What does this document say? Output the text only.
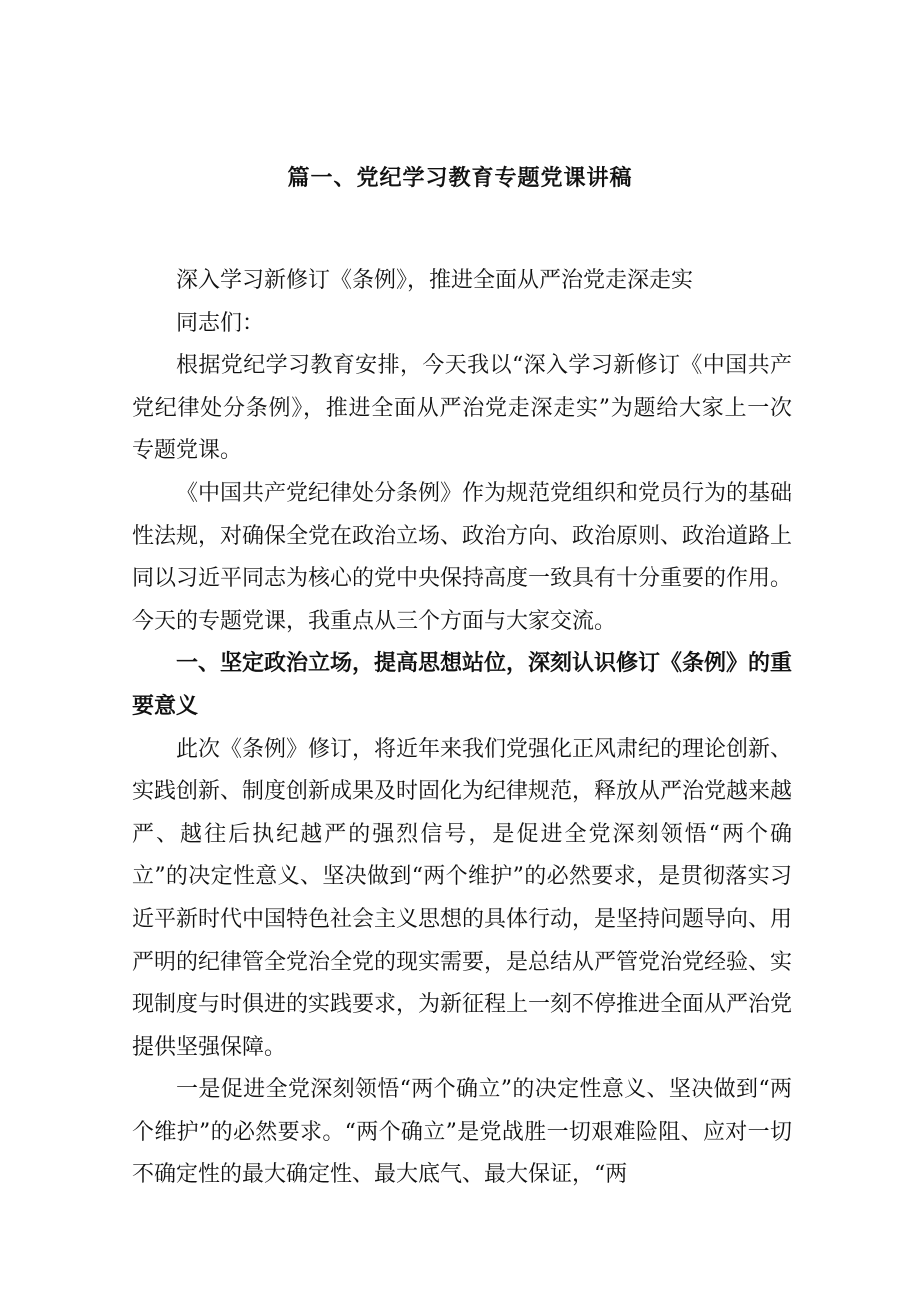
篇一、党纪学习教育专题党课讲稿

深入学习新修订《条例》，推进全面从严治党走深走实

同志们：

根据党纪学习教育安排，今天我以“深入学习新修订《中国共产党纪律处分条例》，推进全面从严治党走深走实”为题给大家上一次专题党课。

《中国共产党纪律处分条例》作为规范党组织和党员行为的基础性法规，对确保全党在政治立场、政治方向、政治原则、政治道路上同以习近平同志为核心的党中央保持高度一致具有十分重要的作用。今天的专题党课，我重点从三个方面与大家交流。

一、坚定政治立场，提高思想站位，深刻认识修订《条例》的重要意义

此次《条例》修订，将近年来我们党强化正风肃纪的理论创新、实践创新、制度创新成果及时固化为纪律规范，释放从严治党越来越严、越往后执纪越严的强烈信号，是促进全党深刻领悟“两个确立”的决定性意义、坚决做到“两个维护”的必然要求，是贯彻落实习近平新时代中国特色社会主义思想的具体行动，是坚持问题导向、用严明的纪律管全党治全党的现实需要，是总结从严管党治党经验、实现制度与时俱进的实践要求，为新征程上一刻不停推进全面从严治党提供坚强保障。

一是促进全党深刻领悟“两个确立”的决定性意义、坚决做到“两个维护”的必然要求。“两个确立”是党战胜一切艰难险阻、应对一切不确定性的最大确定性、最大底气、最大保证，“两
